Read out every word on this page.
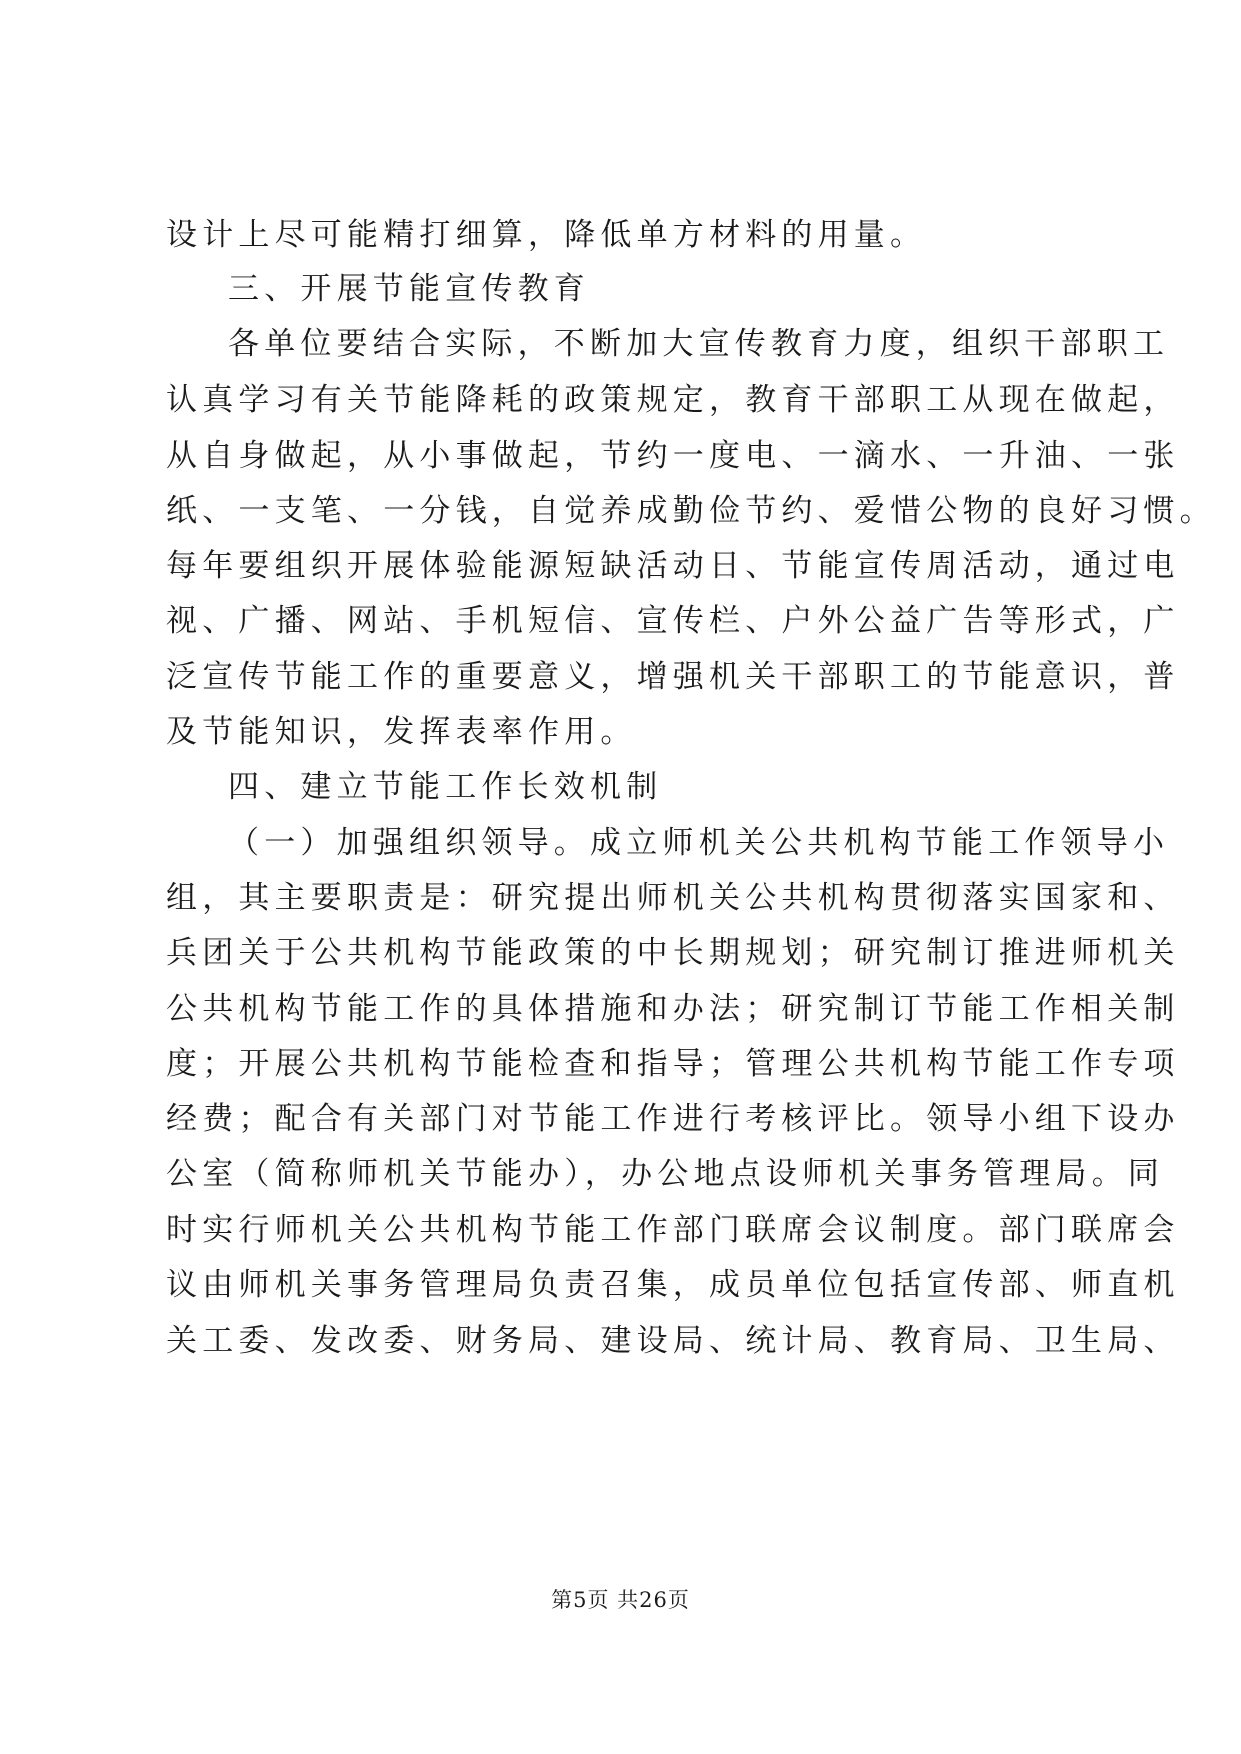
设计上尽可能精打细算，降低单方材料的用量。
三、开展节能宣传教育
各单位要结合实际，不断加大宣传教育力度，组织干部职工
认真学习有关节能降耗的政策规定，教育干部职工从现在做起，
从自身做起，从小事做起，节约一度电、一滴水、一升油、一张
纸、一支笔、一分钱，自觉养成勤俭节约、爱惜公物的良好习惯。
每年要组织开展体验能源短缺活动日、节能宣传周活动，通过电
视、广播、网站、手机短信、宣传栏、户外公益广告等形式，广
泛宣传节能工作的重要意义，增强机关干部职工的节能意识，普
及节能知识，发挥表率作用。
四、建立节能工作长效机制
（一）加强组织领导。成立师机关公共机构节能工作领导小
组，其主要职责是：研究提出师机关公共机构贯彻落实国家和、
兵团关于公共机构节能政策的中长期规划；研究制订推进师机关
公共机构节能工作的具体措施和办法；研究制订节能工作相关制
度；开展公共机构节能检查和指导；管理公共机构节能工作专项
经费；配合有关部门对节能工作进行考核评比。领导小组下设办
公室（简称师机关节能办），办公地点设师机关事务管理局。同
时实行师机关公共机构节能工作部门联席会议制度。部门联席会
议由师机关事务管理局负责召集，成员单位包括宣传部、师直机
关工委、发改委、财务局、建设局、统计局、教育局、卫生局、
第5页 共26页
